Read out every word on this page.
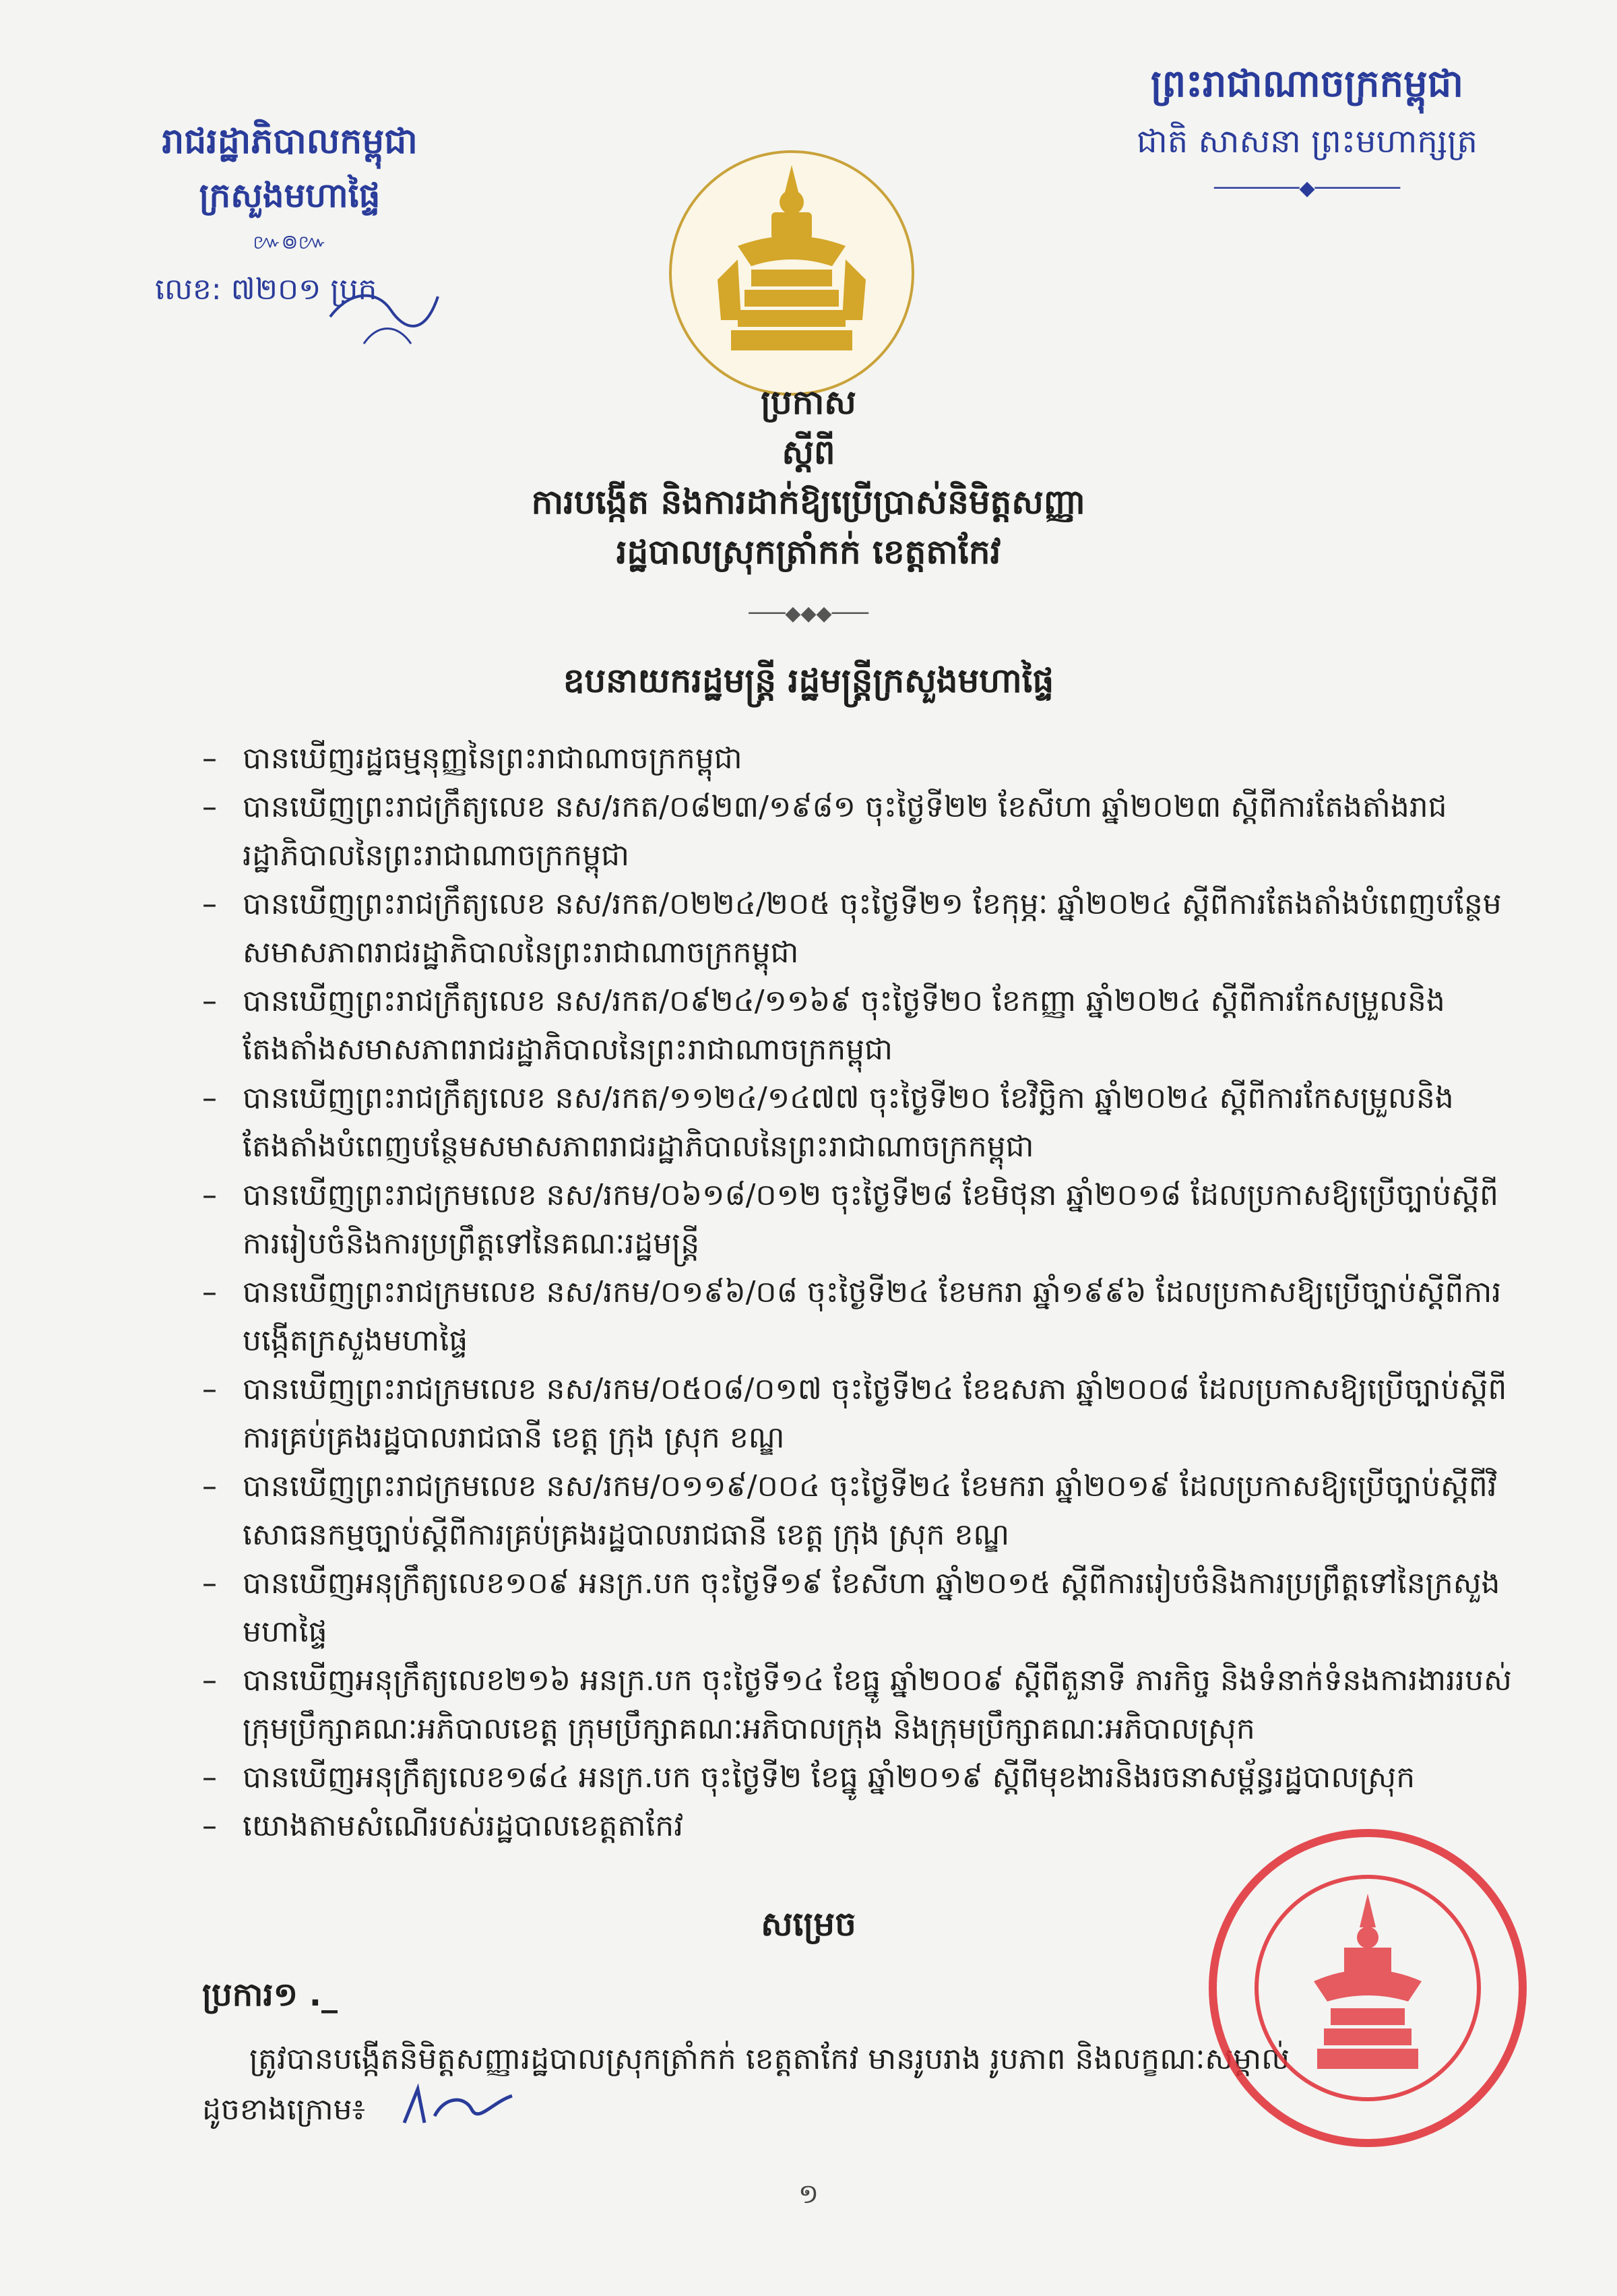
រាជរដ្ឋាភិបាលកម្ពុជា
ក្រសួងមហាផ្ទៃ
៚៙៚
លេខ: ៧២០១ ប្រក
ព្រះរាជាណាចក្រកម្ពុជា
ជាតិ សាសនា ព្រះមហាក្សត្រ
───────◆───────
ប្រកាស
ស្តីពី
ការបង្កើត និងការដាក់ឱ្យប្រើប្រាស់និមិត្តសញ្ញា
រដ្ឋបាលស្រុកត្រាំកក់ ខេត្តតាកែវ
───◆◆◆───
ឧបនាយករដ្ឋមន្ត្រី រដ្ឋមន្ត្រីក្រសួងមហាផ្ទៃ
– បានឃើញរដ្ឋធម្មនុញ្ញនៃព្រះរាជាណាចក្រកម្ពុជា
– បានឃើញព្រះរាជក្រឹត្យលេខ នស/រកត/០៨២៣/១៩៨១ ចុះថ្ងៃទី២២ ខែសីហា ឆ្នាំ២០២៣ ស្តីពីការតែងតាំងរាជរដ្ឋាភិបាលនៃព្រះរាជាណាចក្រកម្ពុជា
– បានឃើញព្រះរាជក្រឹត្យលេខ នស/រកត/០២២៤/២០៥ ចុះថ្ងៃទី២១ ខែកុម្ភៈ ឆ្នាំ២០២៤ ស្តីពីការតែងតាំងបំពេញបន្ថែមសមាសភាពរាជរដ្ឋាភិបាលនៃព្រះរាជាណាចក្រកម្ពុជា
– បានឃើញព្រះរាជក្រឹត្យលេខ នស/រកត/០៩២៤/១១៦៩ ចុះថ្ងៃទី២០ ខែកញ្ញា ឆ្នាំ២០២៤ ស្តីពីការកែសម្រួលនិងតែងតាំងសមាសភាពរាជរដ្ឋាភិបាលនៃព្រះរាជាណាចក្រកម្ពុជា
– បានឃើញព្រះរាជក្រឹត្យលេខ នស/រកត/១១២៤/១៤៧៧ ចុះថ្ងៃទី២០ ខែវិច្ឆិកា ឆ្នាំ២០២៤ ស្តីពីការកែសម្រួលនិងតែងតាំងបំពេញបន្ថែមសមាសភាពរាជរដ្ឋាភិបាលនៃព្រះរាជាណាចក្រកម្ពុជា
– បានឃើញព្រះរាជក្រមលេខ នស/រកម/០៦១៨/០១២ ចុះថ្ងៃទី២៨ ខែមិថុនា ឆ្នាំ២០១៨ ដែលប្រកាសឱ្យប្រើច្បាប់ស្តីពីការរៀបចំនិងការប្រព្រឹត្តទៅនៃគណៈរដ្ឋមន្ត្រី
– បានឃើញព្រះរាជក្រមលេខ នស/រកម/០១៩៦/០៨ ចុះថ្ងៃទី២៤ ខែមករា ឆ្នាំ១៩៩៦ ដែលប្រកាសឱ្យប្រើច្បាប់ស្តីពីការបង្កើតក្រសួងមហាផ្ទៃ
– បានឃើញព្រះរាជក្រមលេខ នស/រកម/០៥០៨/០១៧ ចុះថ្ងៃទី២៤ ខែឧសភា ឆ្នាំ២០០៨ ដែលប្រកាសឱ្យប្រើច្បាប់ស្តីពីការគ្រប់គ្រងរដ្ឋបាលរាជធានី ខេត្ត ក្រុង ស្រុក ខណ្ឌ
– បានឃើញព្រះរាជក្រមលេខ នស/រកម/០១១៩/០០៤ ចុះថ្ងៃទី២៤ ខែមករា ឆ្នាំ២០១៩ ដែលប្រកាសឱ្យប្រើច្បាប់ស្តីពីវិសោធនកម្មច្បាប់ស្តីពីការគ្រប់គ្រងរដ្ឋបាលរាជធានី ខេត្ត ក្រុង ស្រុក ខណ្ឌ
– បានឃើញអនុក្រឹត្យលេខ១០៩ អនក្រ.បក ចុះថ្ងៃទី១៩ ខែសីហា ឆ្នាំ២០១៥ ស្តីពីការរៀបចំនិងការប្រព្រឹត្តទៅនៃក្រសួងមហាផ្ទៃ
– បានឃើញអនុក្រឹត្យលេខ២១៦ អនក្រ.បក ចុះថ្ងៃទី១៤ ខែធ្នូ ឆ្នាំ២០០៩ ស្តីពីតួនាទី ភារកិច្ច និងទំនាក់ទំនងការងាររបស់ក្រុមប្រឹក្សាគណៈអភិបាលខេត្ត ក្រុមប្រឹក្សាគណៈអភិបាលក្រុង និងក្រុមប្រឹក្សាគណៈអភិបាលស្រុក
– បានឃើញអនុក្រឹត្យលេខ១៨៤ អនក្រ.បក ចុះថ្ងៃទី២ ខែធ្នូ ឆ្នាំ២០១៩ ស្តីពីមុខងារនិងរចនាសម្ព័ន្ធរដ្ឋបាលស្រុក
– យោងតាមសំណើរបស់រដ្ឋបាលខេត្តតាកែវ
សម្រេច
ប្រការ១ ._
ត្រូវបានបង្កើតនិមិត្តសញ្ញារដ្ឋបាលស្រុកត្រាំកក់ ខេត្តតាកែវ មានរូបរាង រូបភាព និងលក្ខណៈសម្គាល់
ដូចខាងក្រោម៖
១
